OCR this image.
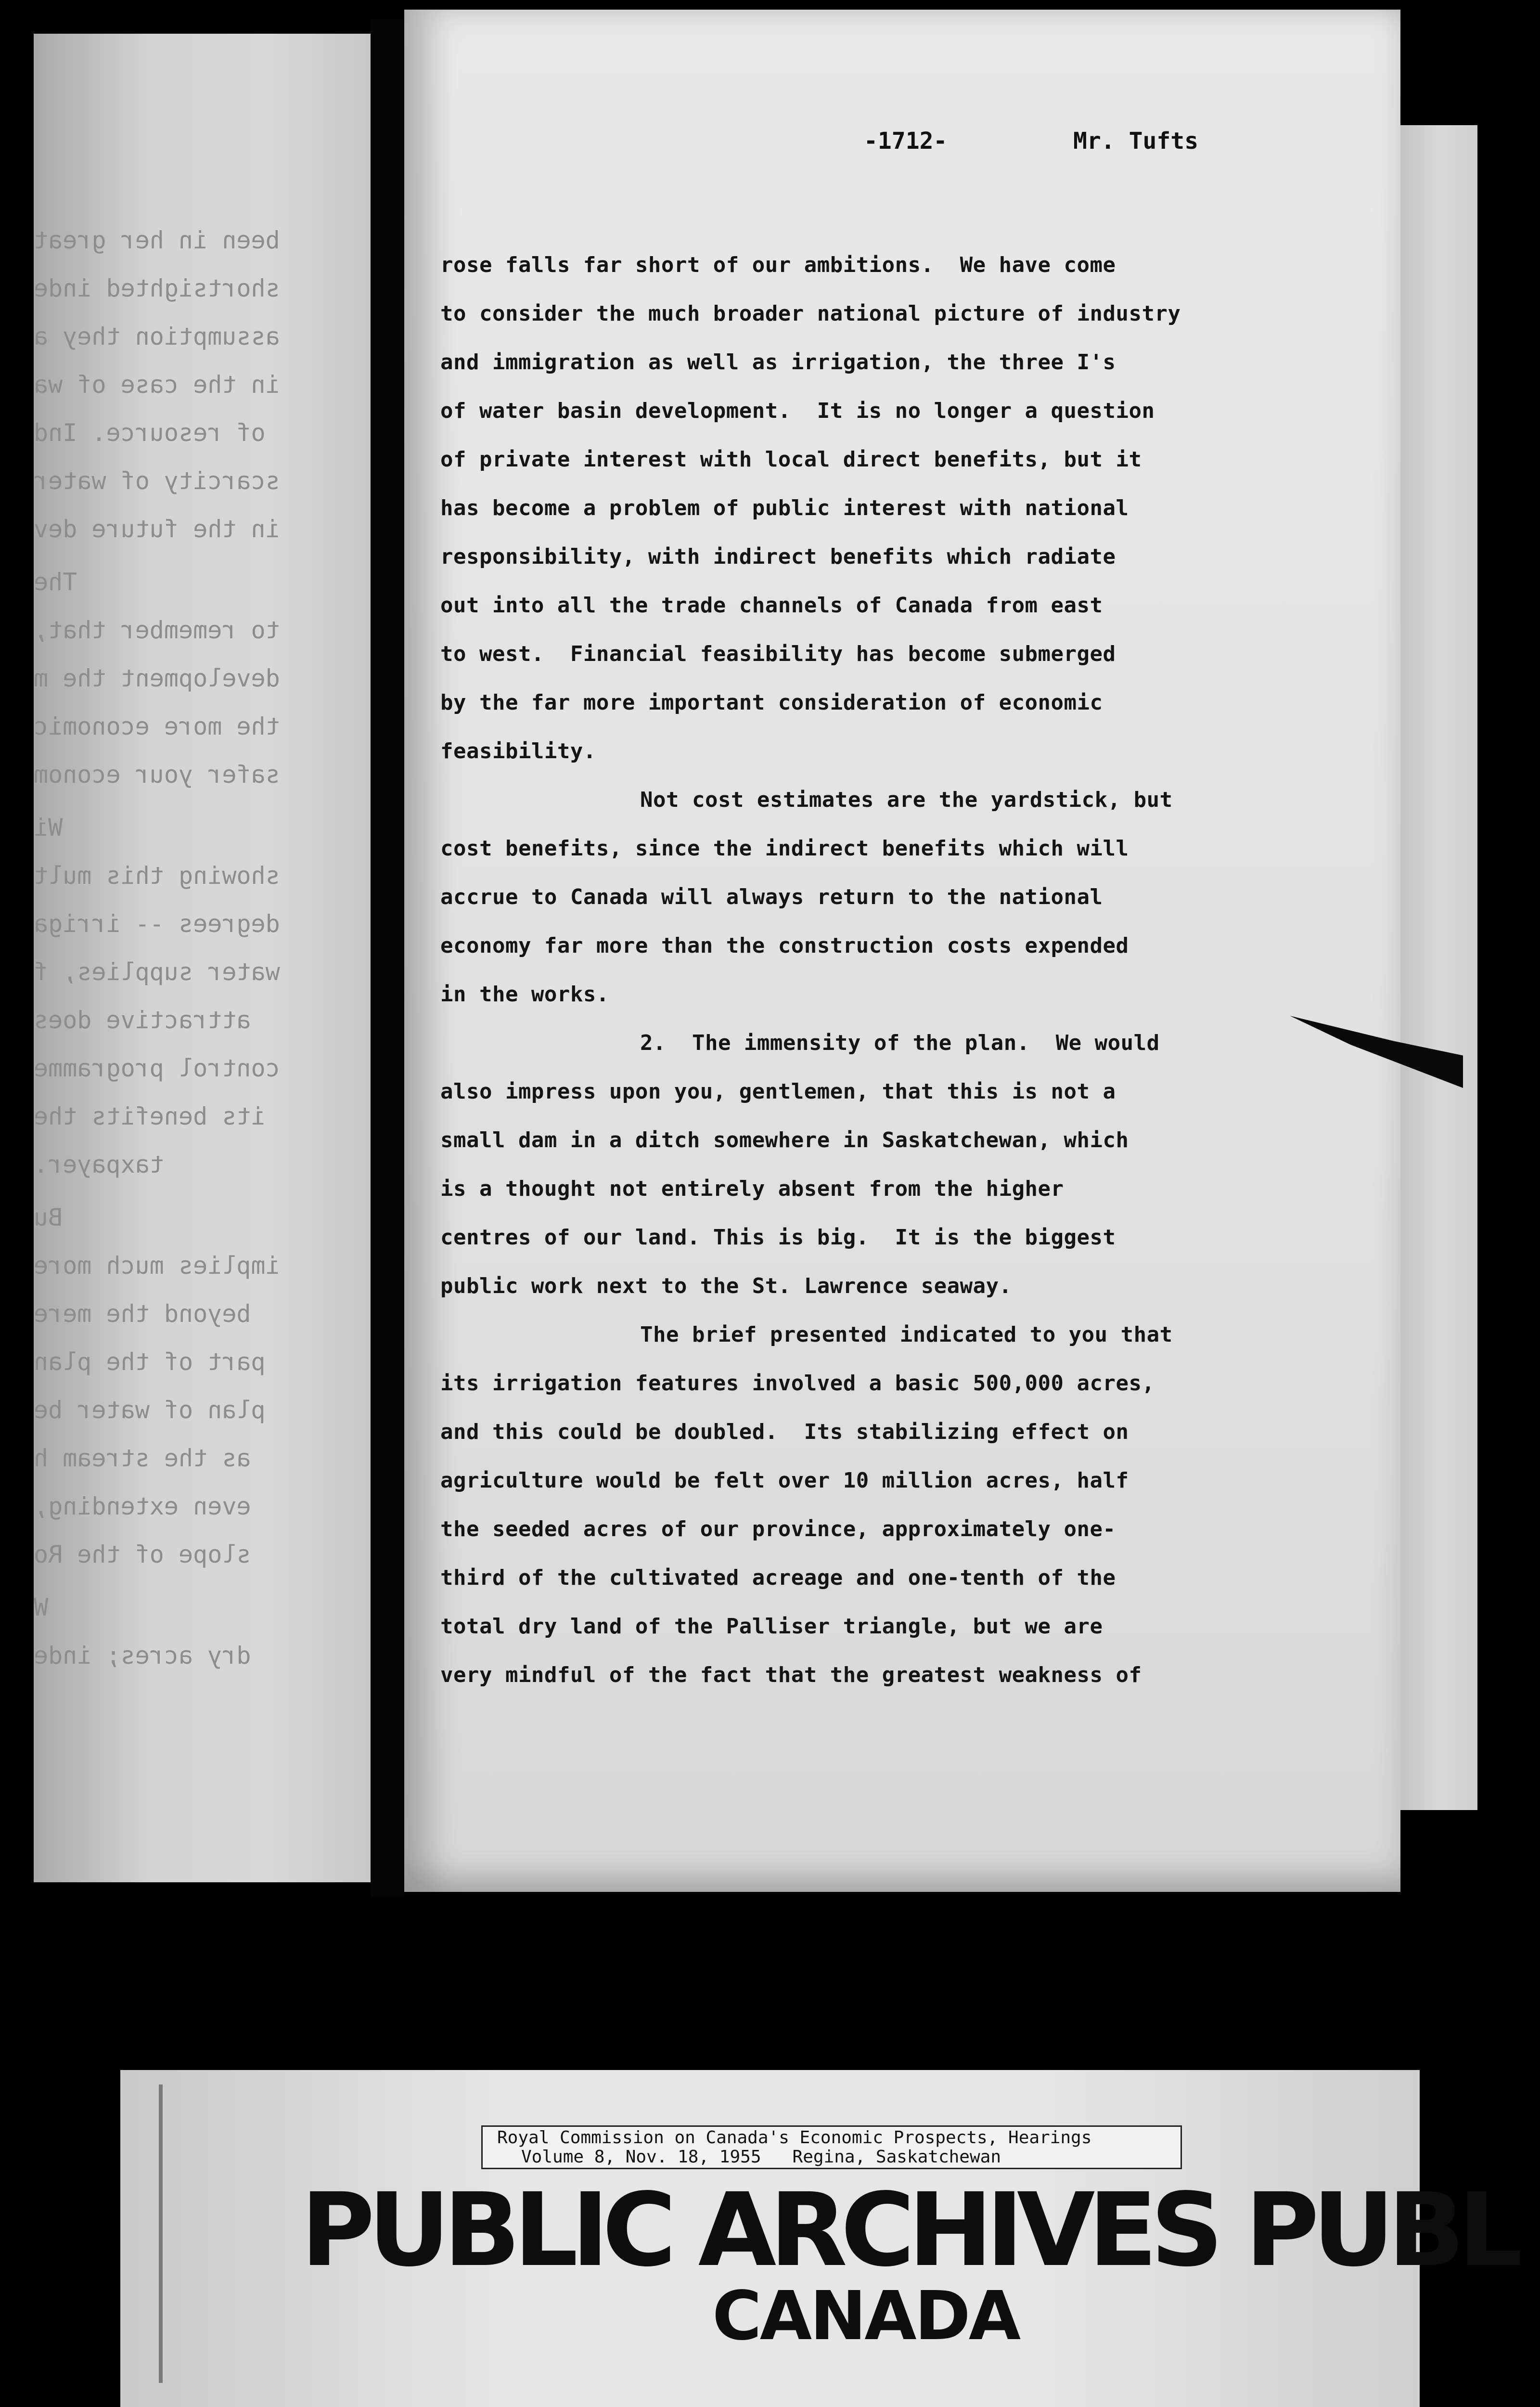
been in her great
shortsighted inde
assumption they a
in the case of wa
of resource. Ind
scarcity of water
in the future dev
The
to remember that,
development the m
the more economic
safer your econom
Wi
showing this mult
degrees -- irriga
water supplies, f
attractive does
control programme
its benefits the
taxpayer.
Bu
implies much more
beyond the mere
part of the plan
plan of water be
as the stream h
even extending,
slope of the Ro
W
dry acres; inde
-1712-	Mr. Tufts
rose falls far short of our ambitions.  We have come
to consider the much broader national picture of industry
and immigration as well as irrigation, the three I's
of water basin development.  It is no longer a question
of private interest with local direct benefits, but it
has become a problem of public interest with national
responsibility, with indirect benefits which radiate
out into all the trade channels of Canada from east
to west.  Financial feasibility has become submerged
by the far more important consideration of economic
feasibility.
Not cost estimates are the yardstick, but
cost benefits, since the indirect benefits which will
accrue to Canada will always return to the national
economy far more than the construction costs expended
in the works.
2.  The immensity of the plan.  We would
also impress upon you, gentlemen, that this is not a
small dam in a ditch somewhere in Saskatchewan, which
is a thought not entirely absent from the higher
centres of our land. This is big.  It is the biggest
public work next to the St. Lawrence seaway.
The brief presented indicated to you that
its irrigation features involved a basic 500,000 acres,
and this could be doubled.  Its stabilizing effect on
agriculture would be felt over 10 million acres, half
the seeded acres of our province, approximately one-
third of the cultivated acreage and one-tenth of the
total dry land of the Palliser triangle, but we are
very mindful of the fact that the greatest weakness of
Royal Commission on Canada's Economic Prospects, Hearings
Volume 8, Nov. 18, 1955   Regina, Saskatchewan
PUBLIC ARCHIVES PUBL
CANADA
